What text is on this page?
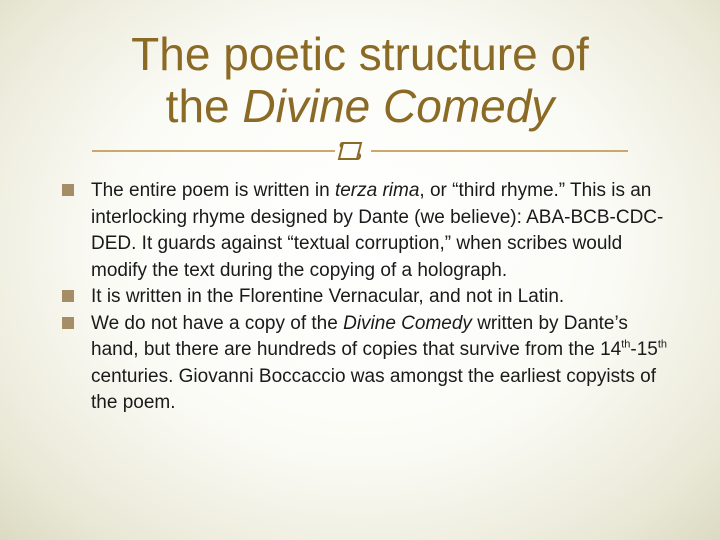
The poetic structure of
the Divine Comedy
The entire poem is written in terza rima, or “third rhyme.” This is an interlocking rhyme designed by Dante (we believe): ABA-BCB-CDC-DED. It guards against “textual corruption,” when scribes would modify the text during the copying of a holograph.
It is written in the Florentine Vernacular, and not in Latin.
We do not have a copy of the Divine Comedy written by Dante’s hand, but there are hundreds of copies that survive from the 14th-15th centuries. Giovanni Boccaccio was amongst the earliest copyists of the poem.
